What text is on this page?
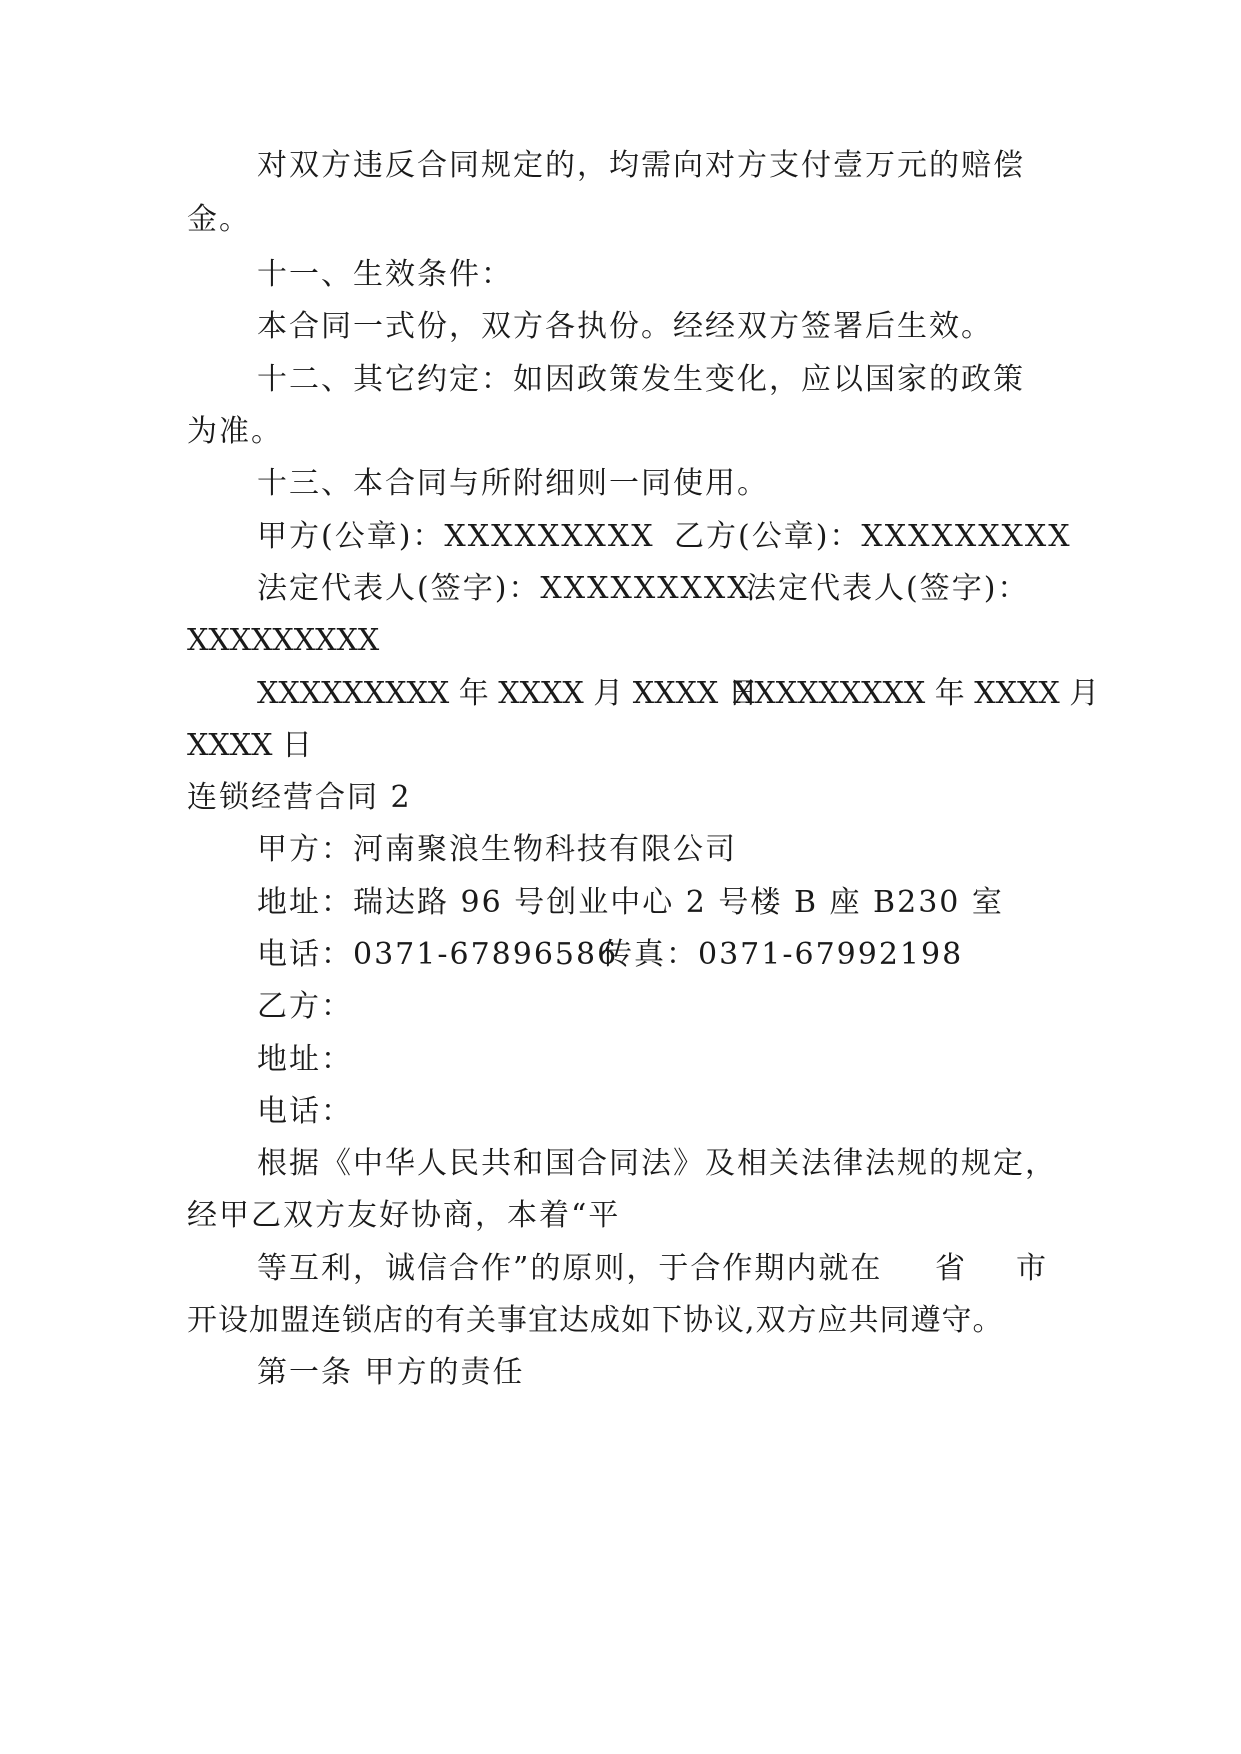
对双方违反合同规定的，均需向对方支付壹万元的赔偿
金。
十一、生效条件：
本合同一式份，双方各执份。经经双方签署后生效。
十二、其它约定：如因政策发生变化，应以国家的政策
为准。
十三、本合同与所附细则一同使用。
甲方(公章)：XXXXXXXXX 乙方(公章)：XXXXXXXXX
法定代表人(签字)：XXXXXXXXX
法定代表人(签字)：
XXXXXXXXX
XXXXXXXXX 年 XXXX 月 XXXX 日
XXXXXXXXX 年 XXXX 月
XXXX 日
连锁经营合同 2
甲方：河南聚浪生物科技有限公司
地址：瑞达路 96 号创业中心 2 号楼 B 座 B230 室
电话：0371-67896586
传真：0371-67992198
乙方：
地址：
电话：
根据《中华人民共和国合同法》及相关法律法规的规定，
经甲乙双方友好协商，本着“平
等互利，诚信合作”的原则，于合作期内就在 省 市
开设加盟连锁店的有关事宜达成如下协议,双方应共同遵守。
第一条 甲方的责任
